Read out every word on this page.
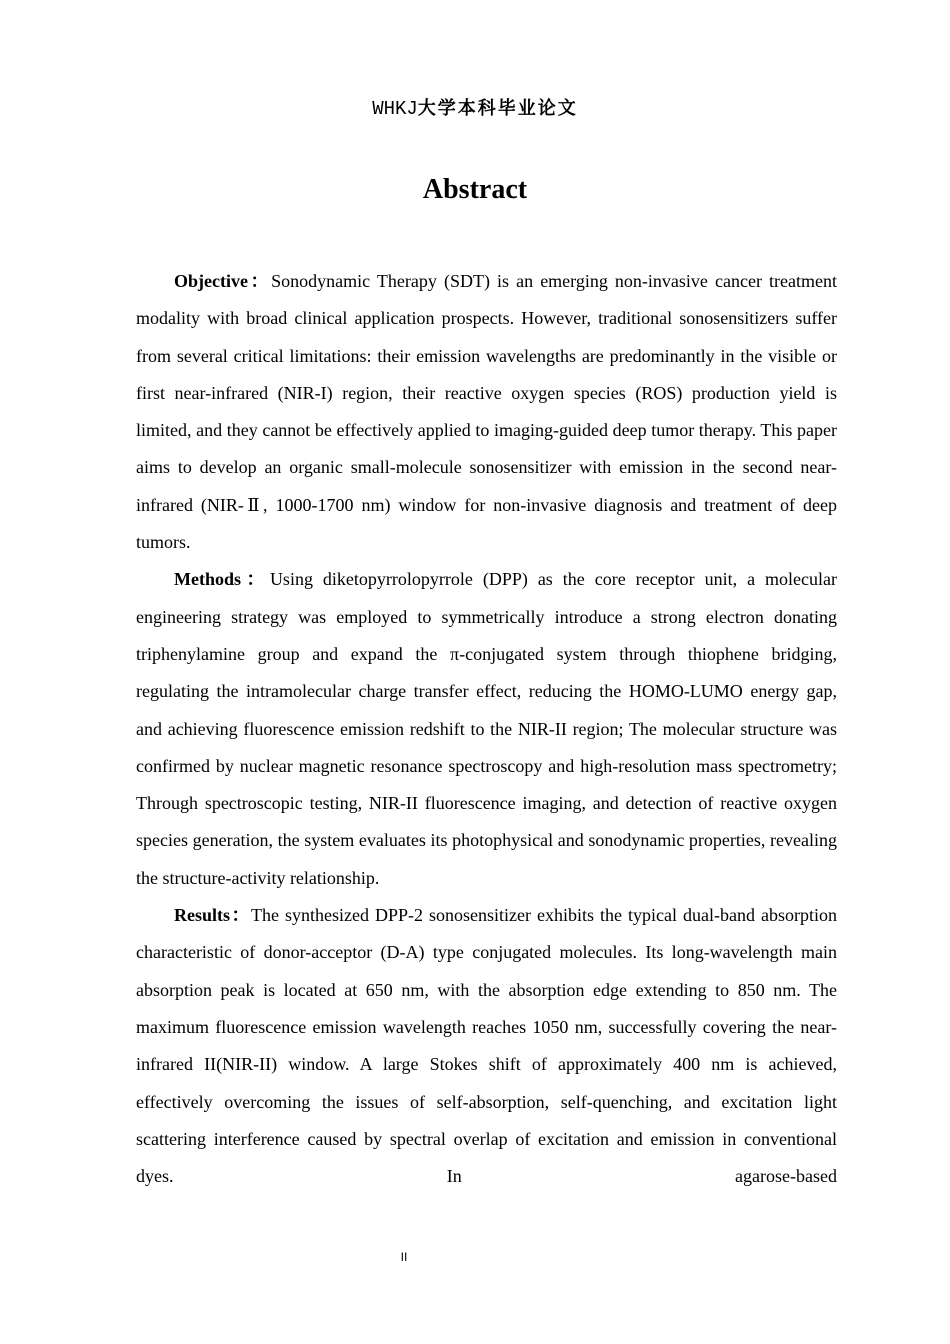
WHKJ大学本科毕业论文
Abstract

Objective：Sonodynamic Therapy (SDT) is an emerging non-invasive cancer treatment modality with broad clinical application prospects. However, traditional sonosensitizers suffer from several critical limitations: their emission wavelengths are predominantly in the visible or first near-infrared (NIR-I) region, their reactive oxygen species (ROS) production yield is limited, and they cannot be effectively applied to imaging-guided deep tumor therapy. This paper aims to develop an organic small-molecule sonosensitizer with emission in the second near-infrared (NIR-Ⅱ, 1000-1700 nm) window for non-invasive diagnosis and treatment of deep tumors.

Methods：Using diketopyrrolopyrrole (DPP) as the core receptor unit, a molecular engineering strategy was employed to symmetrically introduce a strong electron donating triphenylamine group and expand the π-conjugated system through thiophene bridging, regulating the intramolecular charge transfer effect, reducing the HOMO-LUMO energy gap, and achieving fluorescence emission redshift to the NIR-II region; The molecular structure was confirmed by nuclear magnetic resonance spectroscopy and high-resolution mass spectrometry; Through spectroscopic testing, NIR-II fluorescence imaging, and detection of reactive oxygen species generation, the system evaluates its photophysical and sonodynamic properties, revealing the structure-activity relationship.

Results：The synthesized DPP-2 sonosensitizer exhibits the typical dual‐band absorption characteristic of donor-acceptor (D-A) type conjugated molecules. Its long-wavelength main absorption peak is located at 650 nm, with the absorption edge extending to 850 nm. The maximum fluorescence emission wavelength reaches 1050 nm, successfully covering the near-infrared II(NIR-II) window. A large Stokes shift of approximately 400 nm is achieved, effectively overcoming the issues of self‐absorption, self‐quenching, and excitation light scattering interference caused by spectral overlap of excitation and emission in conventional dyes. In agarose-based

II
